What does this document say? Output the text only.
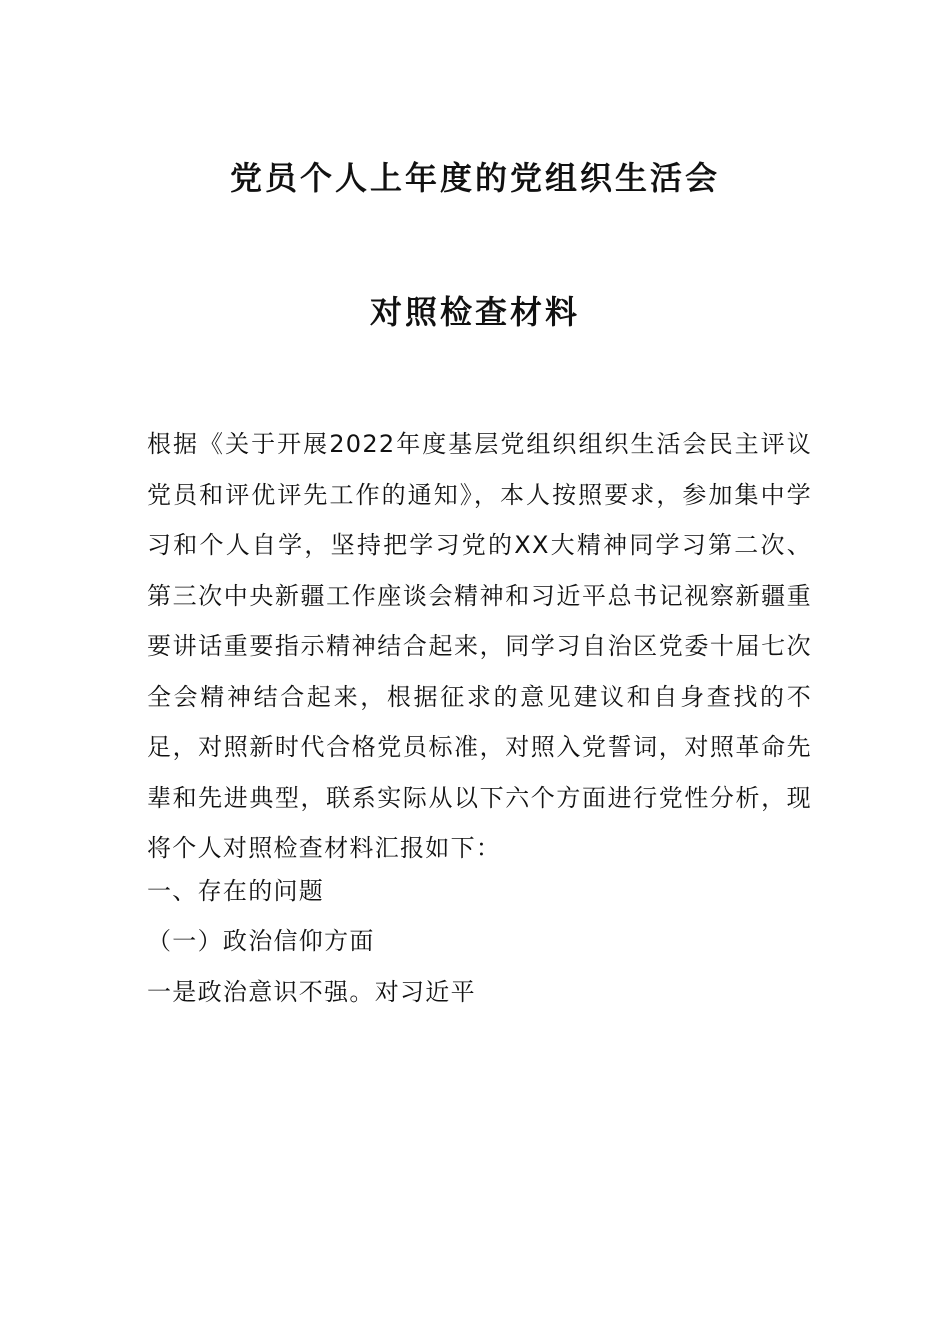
党员个人上年度的党组织生活会
对照检查材料

根据《关于开展2022年度基层党组织组织生活会民主评议党员和评优评先工作的通知》，本人按照要求，参加集中学习和个人自学，坚持把学习党的XX大精神同学习第二次、第三次中央新疆工作座谈会精神和习近平总书记视察新疆重要讲话重要指示精神结合起来，同学习自治区党委十届七次全会精神结合起来，根据征求的意见建议和自身查找的不足，对照新时代合格党员标准，对照入党誓词，对照革命先辈和先进典型，联系实际从以下六个方面进行党性分析，现将个人对照检查材料汇报如下：

一、存在的问题

（一）政治信仰方面

一是政治意识不强。对习近平
